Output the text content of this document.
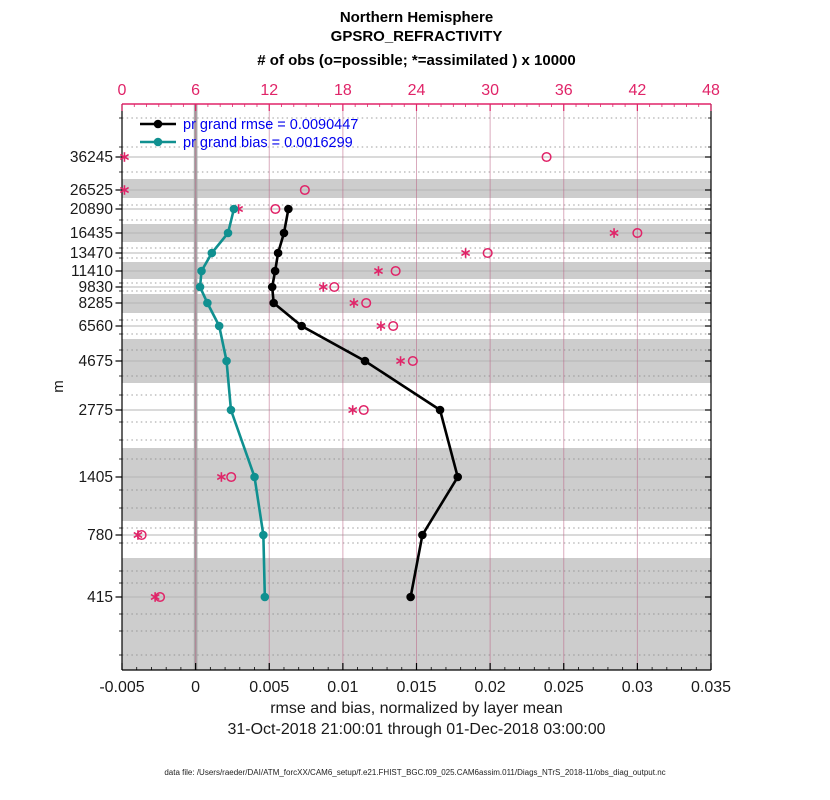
Northern Hemisphere
GPSRO_REFRACTIVITY
# of obs (o=possible; *=assimilated ) x 10000
0	6	12	18	24	30	36	42	48
-0.005	0	0.005 0.01 0.015 0.02 0.025 0.03 0.035
36245
26525
20890
16435
13470
11410
9830
8285
6560
4675
2775
1405
780
415
pr grand rmse = 0.0090447
pr grand bias = 0.0016299
m
rmse and bias, normalized by layer mean
31-Oct-2018 21:00:01 through 01-Dec-2018 03:00:00
data file: /Users/raeder/DAI/ATM_forcXX/CAM6_setup/f.e21.FHIST_BGC.f09_025.CAM6assim.011/Diags_NTrS_2018-11/obs_diag_output.nc
